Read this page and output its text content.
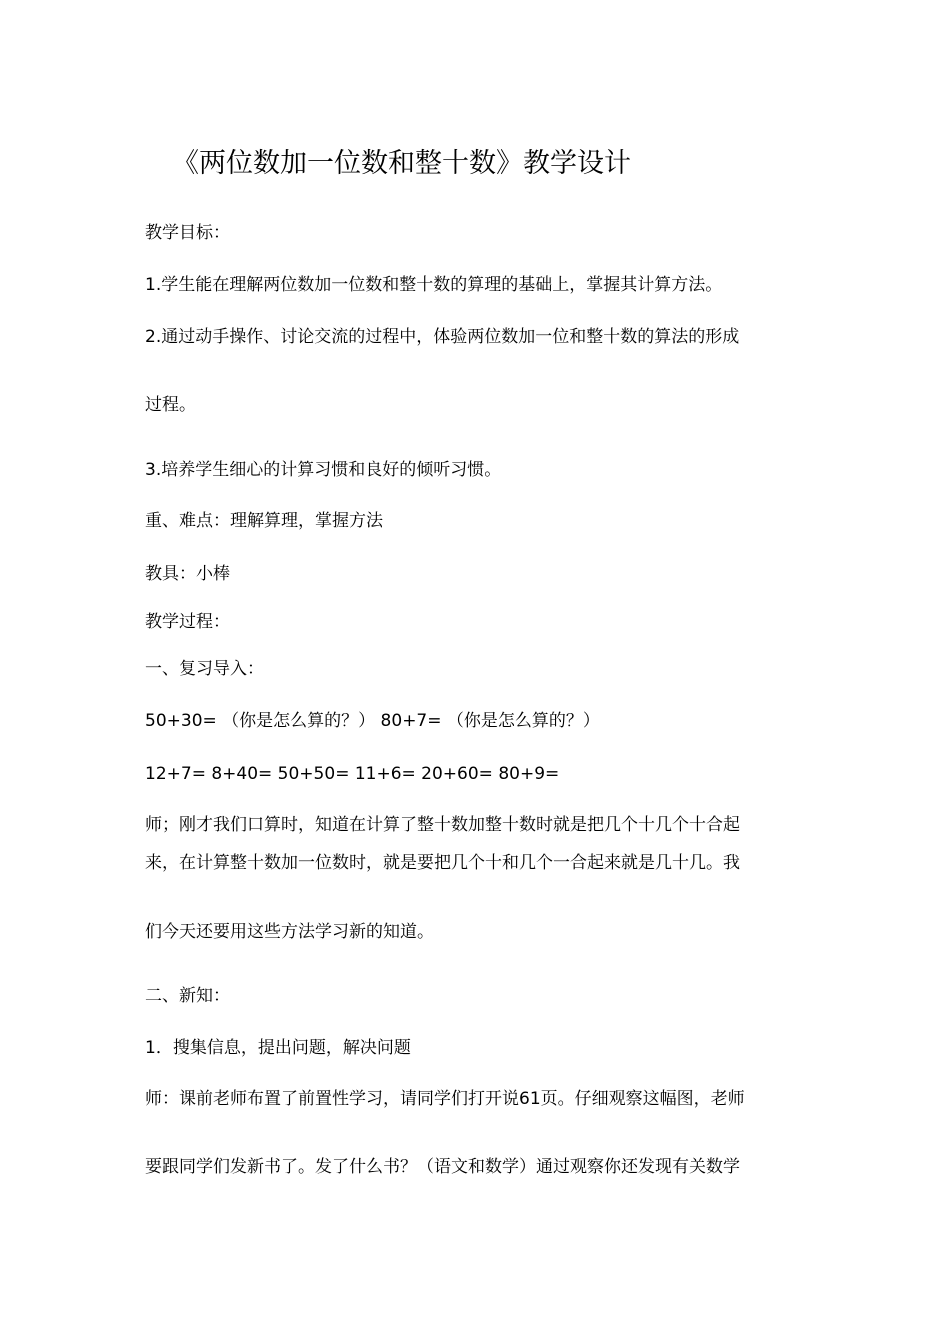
《两位数加一位数和整十数》教学设计

教学目标：

1.学生能在理解两位数加一位数和整十数的算理的基础上，掌握其计算方法。

2.通过动手操作、讨论交流的过程中，体验两位数加一位和整十数的算法的形成

过程。

3.培养学生细心的计算习惯和良好的倾听习惯。

重、难点：理解算理，掌握方法

教具：小棒

教学过程：

一、复习导入：

50+30= （你是怎么算的？） 80+7= （你是怎么算的？）

12+7= 8+40= 50+50= 11+6= 20+60= 80+9=

师；刚才我们口算时，知道在计算了整十数加整十数时就是把几个十几个十合起

来，在计算整十数加一位数时，就是要把几个十和几个一合起来就是几十几。我

们今天还要用这些方法学习新的知道。

二、新知：

1．搜集信息，提出问题，解决问题

师：课前老师布置了前置性学习，请同学们打开说61页。仔细观察这幅图，老师

要跟同学们发新书了。发了什么书？（语文和数学）通过观察你还发现有关数学
